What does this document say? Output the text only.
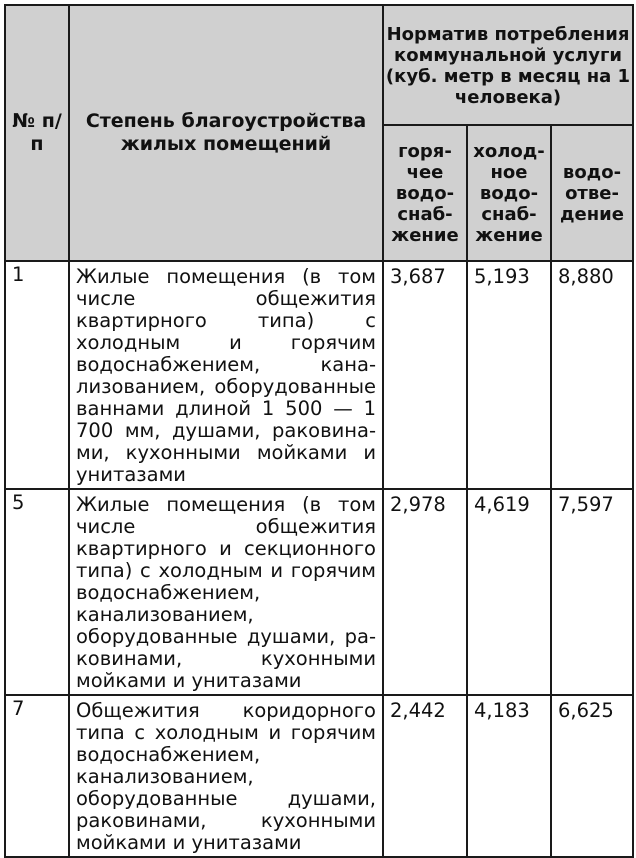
№ п/п	Степень благоустройства жилых помещений	Норматив потребления коммунальной услуги (куб. метр в месяц на 1 человека)		
		горячее водоснабжение	холодное водоснабжение	водоотведение
1	Жилые помещения (в том числе общежития квартирного типа) с холодным и горячим водоснабжением, канализованием, оборудованные ваннами длиной 1 500 — 1 700 мм, душами, раковинами, кухонными мойками и унитазами	3,687	5,193	8,880
5	Жилые помещения (в том числе общежития квартирного и секционного типа) с холодным и горячим водоснабжением, канализованием, оборудованные душами, раковинами, кухонными мойками и унитазами	2,978	4,619	7,597
7	Общежития коридорного типа с холодным и горячим водоснабжением, канализованием, оборудованные душами, раковинами, кухонными мойками и унитазами	2,442	4,183	6,625
